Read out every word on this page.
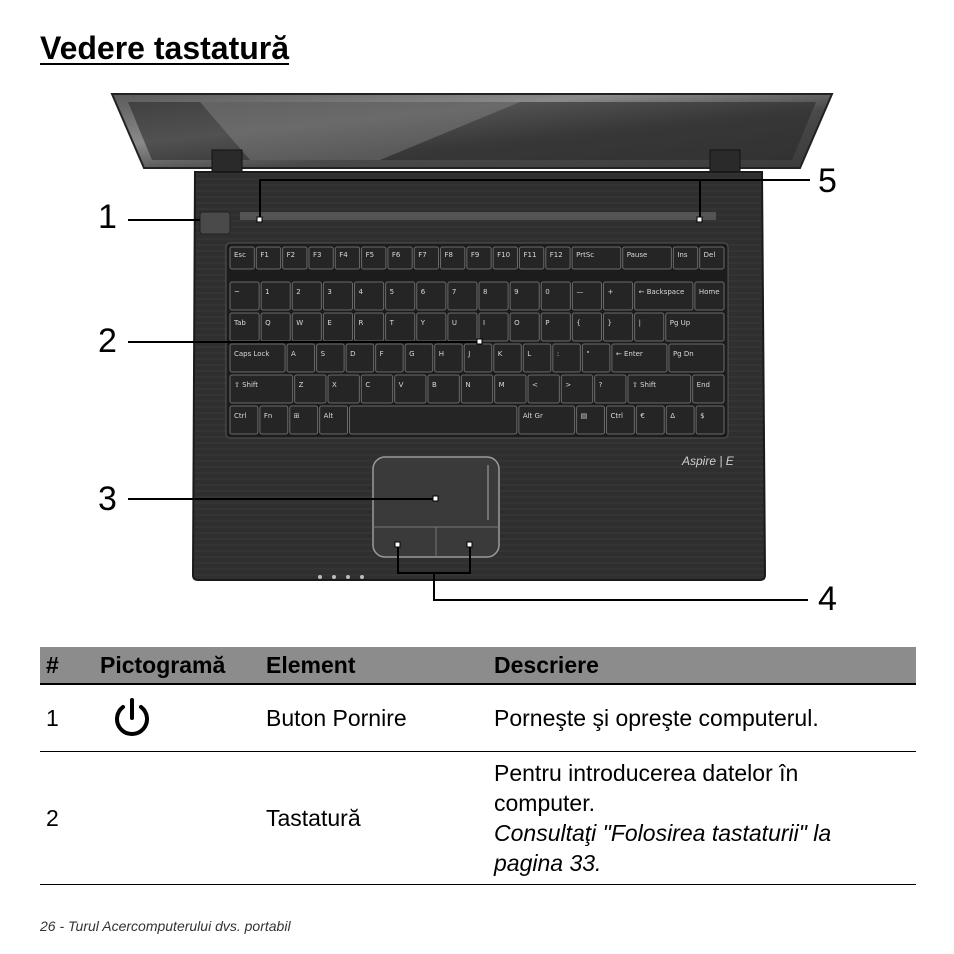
Vedere tastatură
Esc F1	F2	F3	F4	F5	F6	F7	F8	F9	F10 F11 F12 PrtSc	Pause	Ins Del
~	1	2	3	4	5	6	7	8	9	0	—	+	← Backspace Home
Tab	Q	W	E	R	T	Y	U	I	O	P	{	}	|	Pg Up
Caps Lock	A	S	D	F	G	H	J	K	L	:	"	← Enter	Pg Dn
⇧ Shift	Z	X	C	V	B	N	M	<	>	?	⇧ Shift	End
Ctrl Fn	⊞	Alt	Alt Gr	▤	Ctrl €	Δ	$
Aspire | E
1
2
3
4
5
#	Pictogramă	Element	Descriere
1		Buton Pornire	Porneşte şi opreşte computerul.

2		Tastatură	Pentru introducerea datelor în
computer.
Consultaţi "Folosirea tastaturii" la
pagina 33.
26 - Turul Acercomputerului dvs. portabil
